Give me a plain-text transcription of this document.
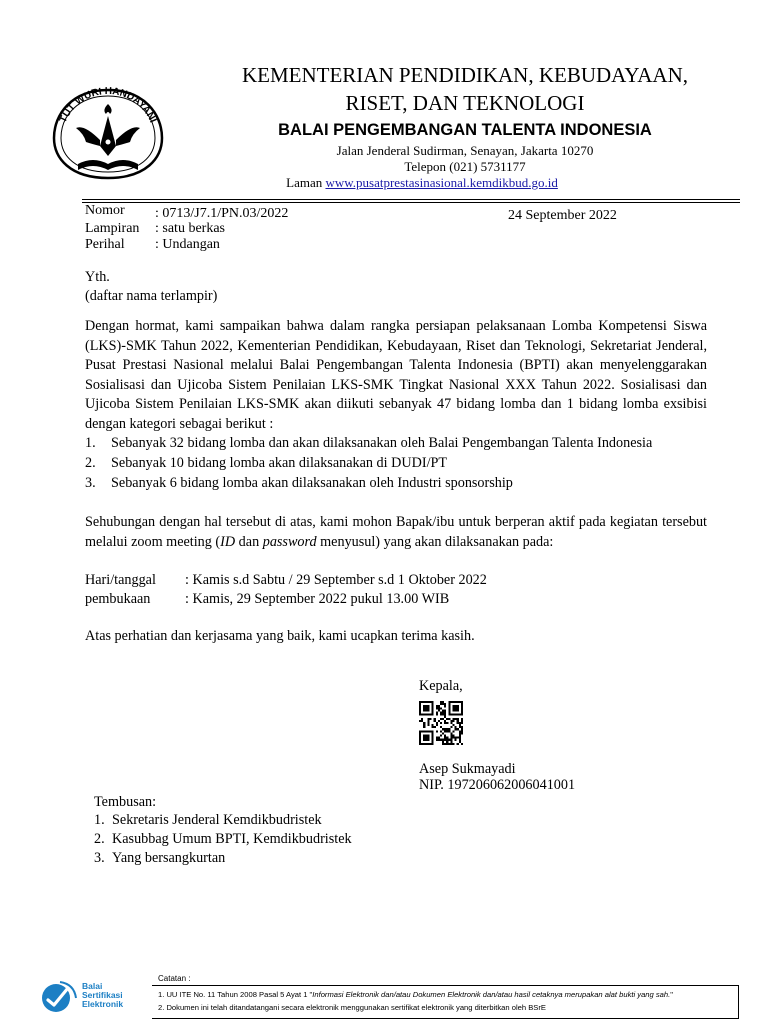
TUT WURI HANDAYANI
KEMENTERIAN PENDIDIKAN, KEBUDAYAAN,
RISET, DAN TEKNOLOGI
BALAI PENGEMBANGAN TALENTA INDONESIA
Jalan Jenderal Sudirman, Senayan, Jakarta 10270
Telepon (021) 5731177
Laman www.pusatprestasinasional.kemdikbud.go.id
Nomor : 0713/J7.1/PN.03/2022
Lampiran : satu berkas
Perihal : Undangan
24 September 2022
Yth.
(daftar nama terlampir)
Dengan hormat, kami sampaikan bahwa dalam rangka persiapan pelaksanaan Lomba Kompetensi Siswa (LKS)-SMK Tahun 2022, Kementerian Pendidikan, Kebudayaan, Riset dan Teknologi, Sekretariat Jenderal, Pusat Prestasi Nasional melalui Balai Pengembangan Talenta Indonesia (BPTI) akan menyelenggarakan Sosialisasi dan Ujicoba Sistem Penilaian LKS-SMK Tingkat Nasional XXX Tahun 2022. Sosialisasi dan Ujicoba Sistem Penilaian LKS-SMK akan diikuti sebanyak 47 bidang lomba dan 1 bidang lomba exsibisi dengan kategori sebagai berikut :
1. Sebanyak 32 bidang lomba dan akan dilaksanakan oleh Balai Pengembangan Talenta Indonesia
2. Sebanyak 10 bidang lomba akan dilaksanakan di DUDI/PT
3. Sebanyak 6 bidang lomba akan dilaksanakan oleh Industri sponsorship
Sehubungan dengan hal tersebut di atas, kami mohon Bapak/ibu untuk berperan aktif pada kegiatan tersebut melalui zoom meeting (ID dan password menyusul) yang akan dilaksanakan pada:
Hari/tanggal : Kamis s.d Sabtu / 29 September s.d 1 Oktober 2022
pembukaan : Kamis, 29 September 2022 pukul 13.00 WIB
Atas perhatian dan kerjasama yang baik, kami ucapkan terima kasih.
Kepala,
Asep Sukmayadi
NIP. 197206062006041001
Tembusan:
1. Sekretaris Jenderal Kemdikbudristek
2. Kasubbag Umum BPTI, Kemdikbudristek
3. Yang bersangkurtan
Balai
Sertifikasi
Elektronik
Catatan :
1. UU ITE No. 11 Tahun 2008 Pasal 5 Ayat 1 "Informasi Elektronik dan/atau Dokumen Elektronik dan/atau hasil cetaknya merupakan alat bukti yang sah."
2. Dokumen ini telah ditandatangani secara elektronik menggunakan sertifikat elektronik yang diterbitkan oleh BSrE
